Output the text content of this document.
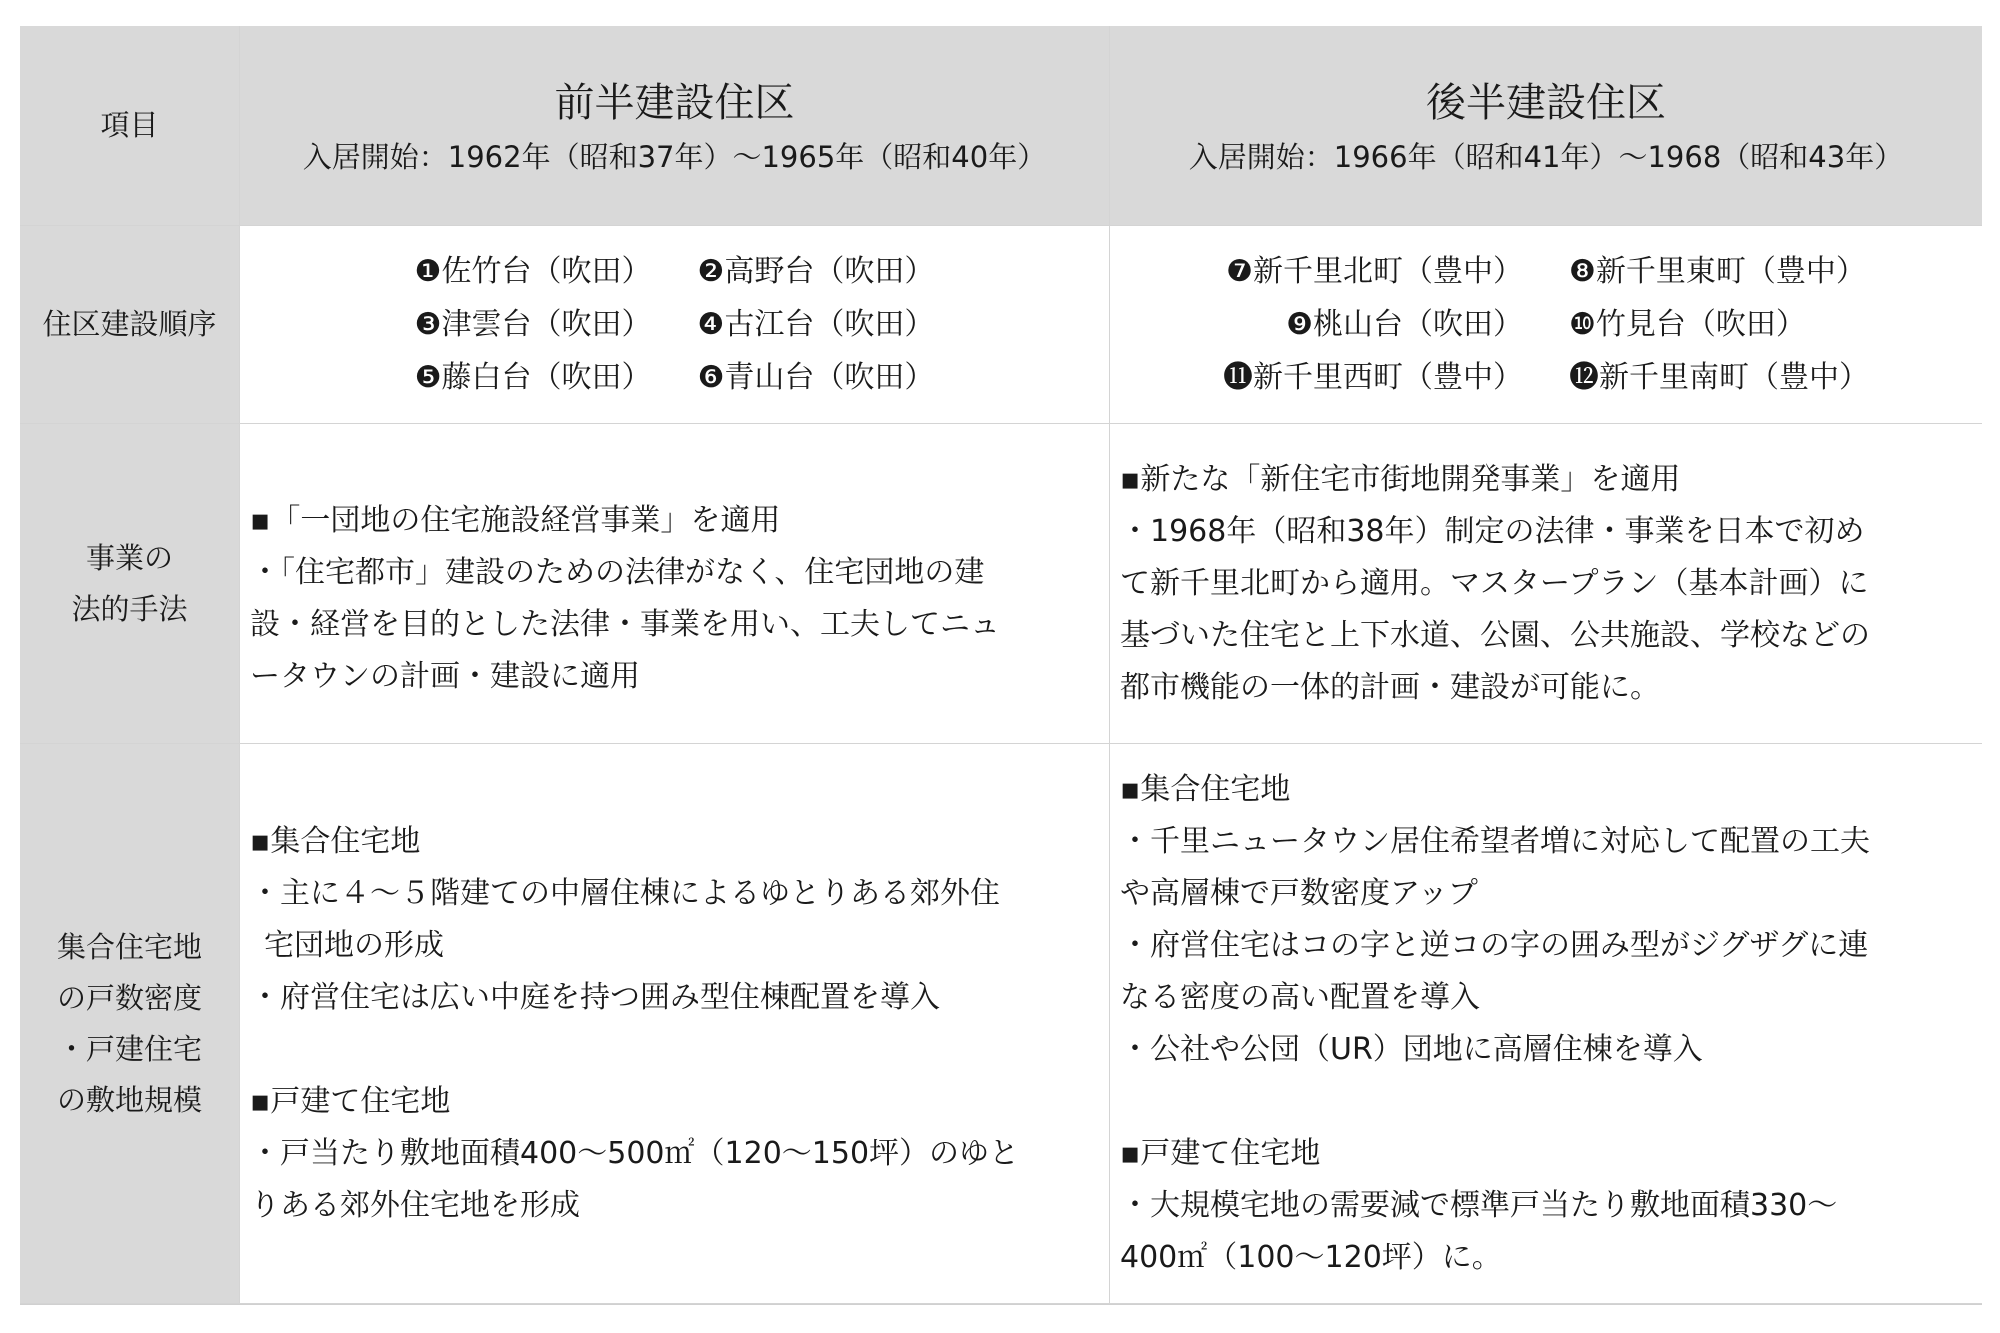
項目	前半建設住区
入居開始：1962年（昭和37年）〜1965年（昭和40年）
後半建設住区
入居開始：1966年（昭和41年）〜1968（昭和43年）
住区建設順序
❶佐竹台（吹田） ❷高野台（吹田）
❸津雲台（吹田） ❹古江台（吹田）
❺藤白台（吹田） ❻青山台（吹田）
❼新千里北町（豊中） ❽新千里東町（豊中）
❾桃山台（吹田） ❿竹見台（吹田）
⓫新千里西町（豊中） ⓬新千里南町（豊中）
事業の
法的手法
▪「一団地の住宅施設経営事業」を適用
・「住宅都市」建設のための法律がなく、住宅団地の建
設・経営を目的とした法律・事業を用い、工夫してニュ
ータウンの計画・建設に適用
▪新たな「新住宅市街地開発事業」を適用
・1968年（昭和38年）制定の法律・事業を日本で初め
て新千里北町から適用。マスタープラン（基本計画）に
基づいた住宅と上下水道、公園、公共施設、学校などの
都市機能の一体的計画・建設が可能に。
集合住宅地
の戸数密度
・戸建住宅
の敷地規模
▪集合住宅地
・主に４〜５階建ての中層住棟によるゆとりある郊外住
宅団地の形成
・府営住宅は広い中庭を持つ囲み型住棟配置を導入
▪戸建て住宅地
・戸当たり敷地面積400〜500㎡（120〜150坪）のゆと
りある郊外住宅地を形成
▪集合住宅地
・千里ニュータウン居住希望者増に対応して配置の工夫
や高層棟で戸数密度アップ
・府営住宅はコの字と逆コの字の囲み型がジグザグに連
なる密度の高い配置を導入
・公社や公団（UR）団地に高層住棟を導入
▪戸建て住宅地
・大規模宅地の需要減で標準戸当たり敷地面積330〜
400㎡（100〜120坪）に。
